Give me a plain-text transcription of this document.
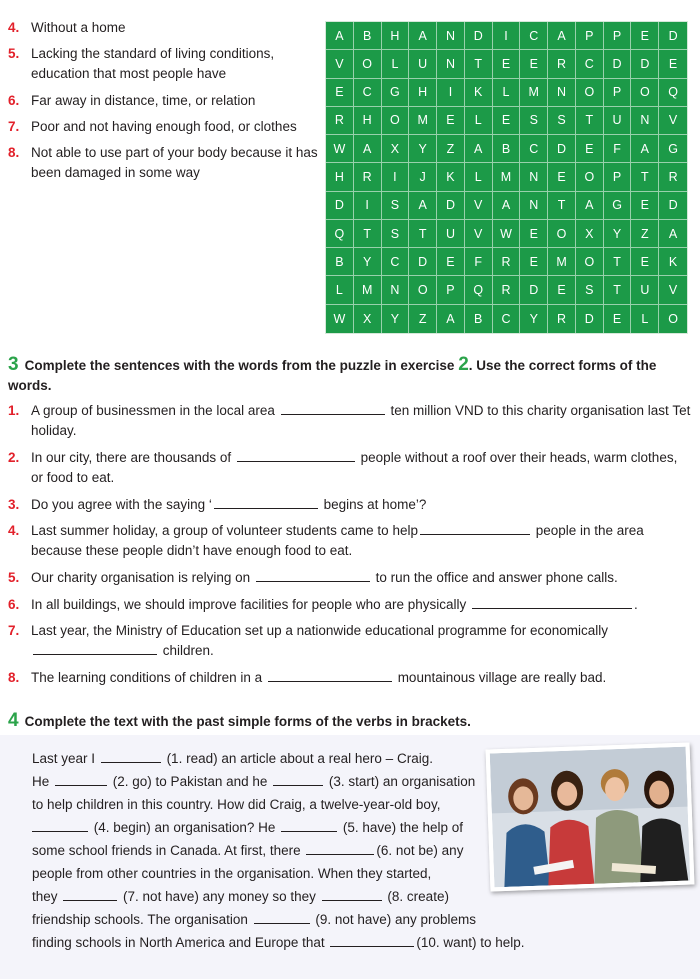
4. Without a home
5. Lacking the standard of living conditions, education that most people have
6. Far away in distance, time, or relation
7. Poor and not having enough food, or clothes
8. Not able to use part of your body because it has been damaged in some way
A	B	H	A	N	D	I	C	A	P	P	E	D
V	O	L	U	N	T	E	E	R	C	D	D	E
E	C	G	H	I	K	L	M	N	O	P	O	Q
R	H	O	M	E	L	E	S	S	T	U	N	V
W	A	X	Y	Z	A	B	C	D	E	F	A	G
H	R	I	J	K	L	M	N	E	O	P	T	R
D	I	S	A	D	V	A	N	T	A	G	E	D
Q	T	S	T	U	V	W	E	O	X	Y	Z	A
B	Y	C	D	E	F	R	E	M	O	T	E	K
L	M	N	O	P	Q	R	D	E	S	T	U	V
W	X	Y	Z	A	B	C	Y	R	D	E	L	O
3 Complete the sentences with the words from the puzzle in exercise 2. Use the correct forms of the words.
1. A group of businessmen in the local area	ten million VND to this charity organisation last Tet holiday.
2. In our city, there are thousands of	people without a roof over their heads, warm clothes, or food to eat.
3. Do you agree with the saying ‘	begins at home’?
4. Last summer holiday, a group of volunteer students came to help	people in the area because these people didn’t have enough food to eat.
5. Our charity organisation is relying on	to run the office and answer phone calls.
6. In all buildings, we should improve facilities for people who are physically	.
7. Last year, the Ministry of Education set up a nationwide educational programme for economically  children.
8. The learning conditions of children in a	mountainous village are really bad.
4 Complete the text with the past simple forms of the verbs in brackets.
Last year I	(1. read) an article about a real hero – Craig.
He	(2. go) to Pakistan and he	(3. start) an organisation
to help children in this country. How did Craig, a twelve-year-old boy,
(4. begin) an organisation? He	(5. have) the help of
some school friends in Canada. At first, there	(6. not be) any
people from other countries in the organisation. When they started,
they	(7. not have) any money so they	(8. create)
friendship schools. The organisation	(9. not have) any problems
finding schools in North America and Europe that	(10. want) to help.
